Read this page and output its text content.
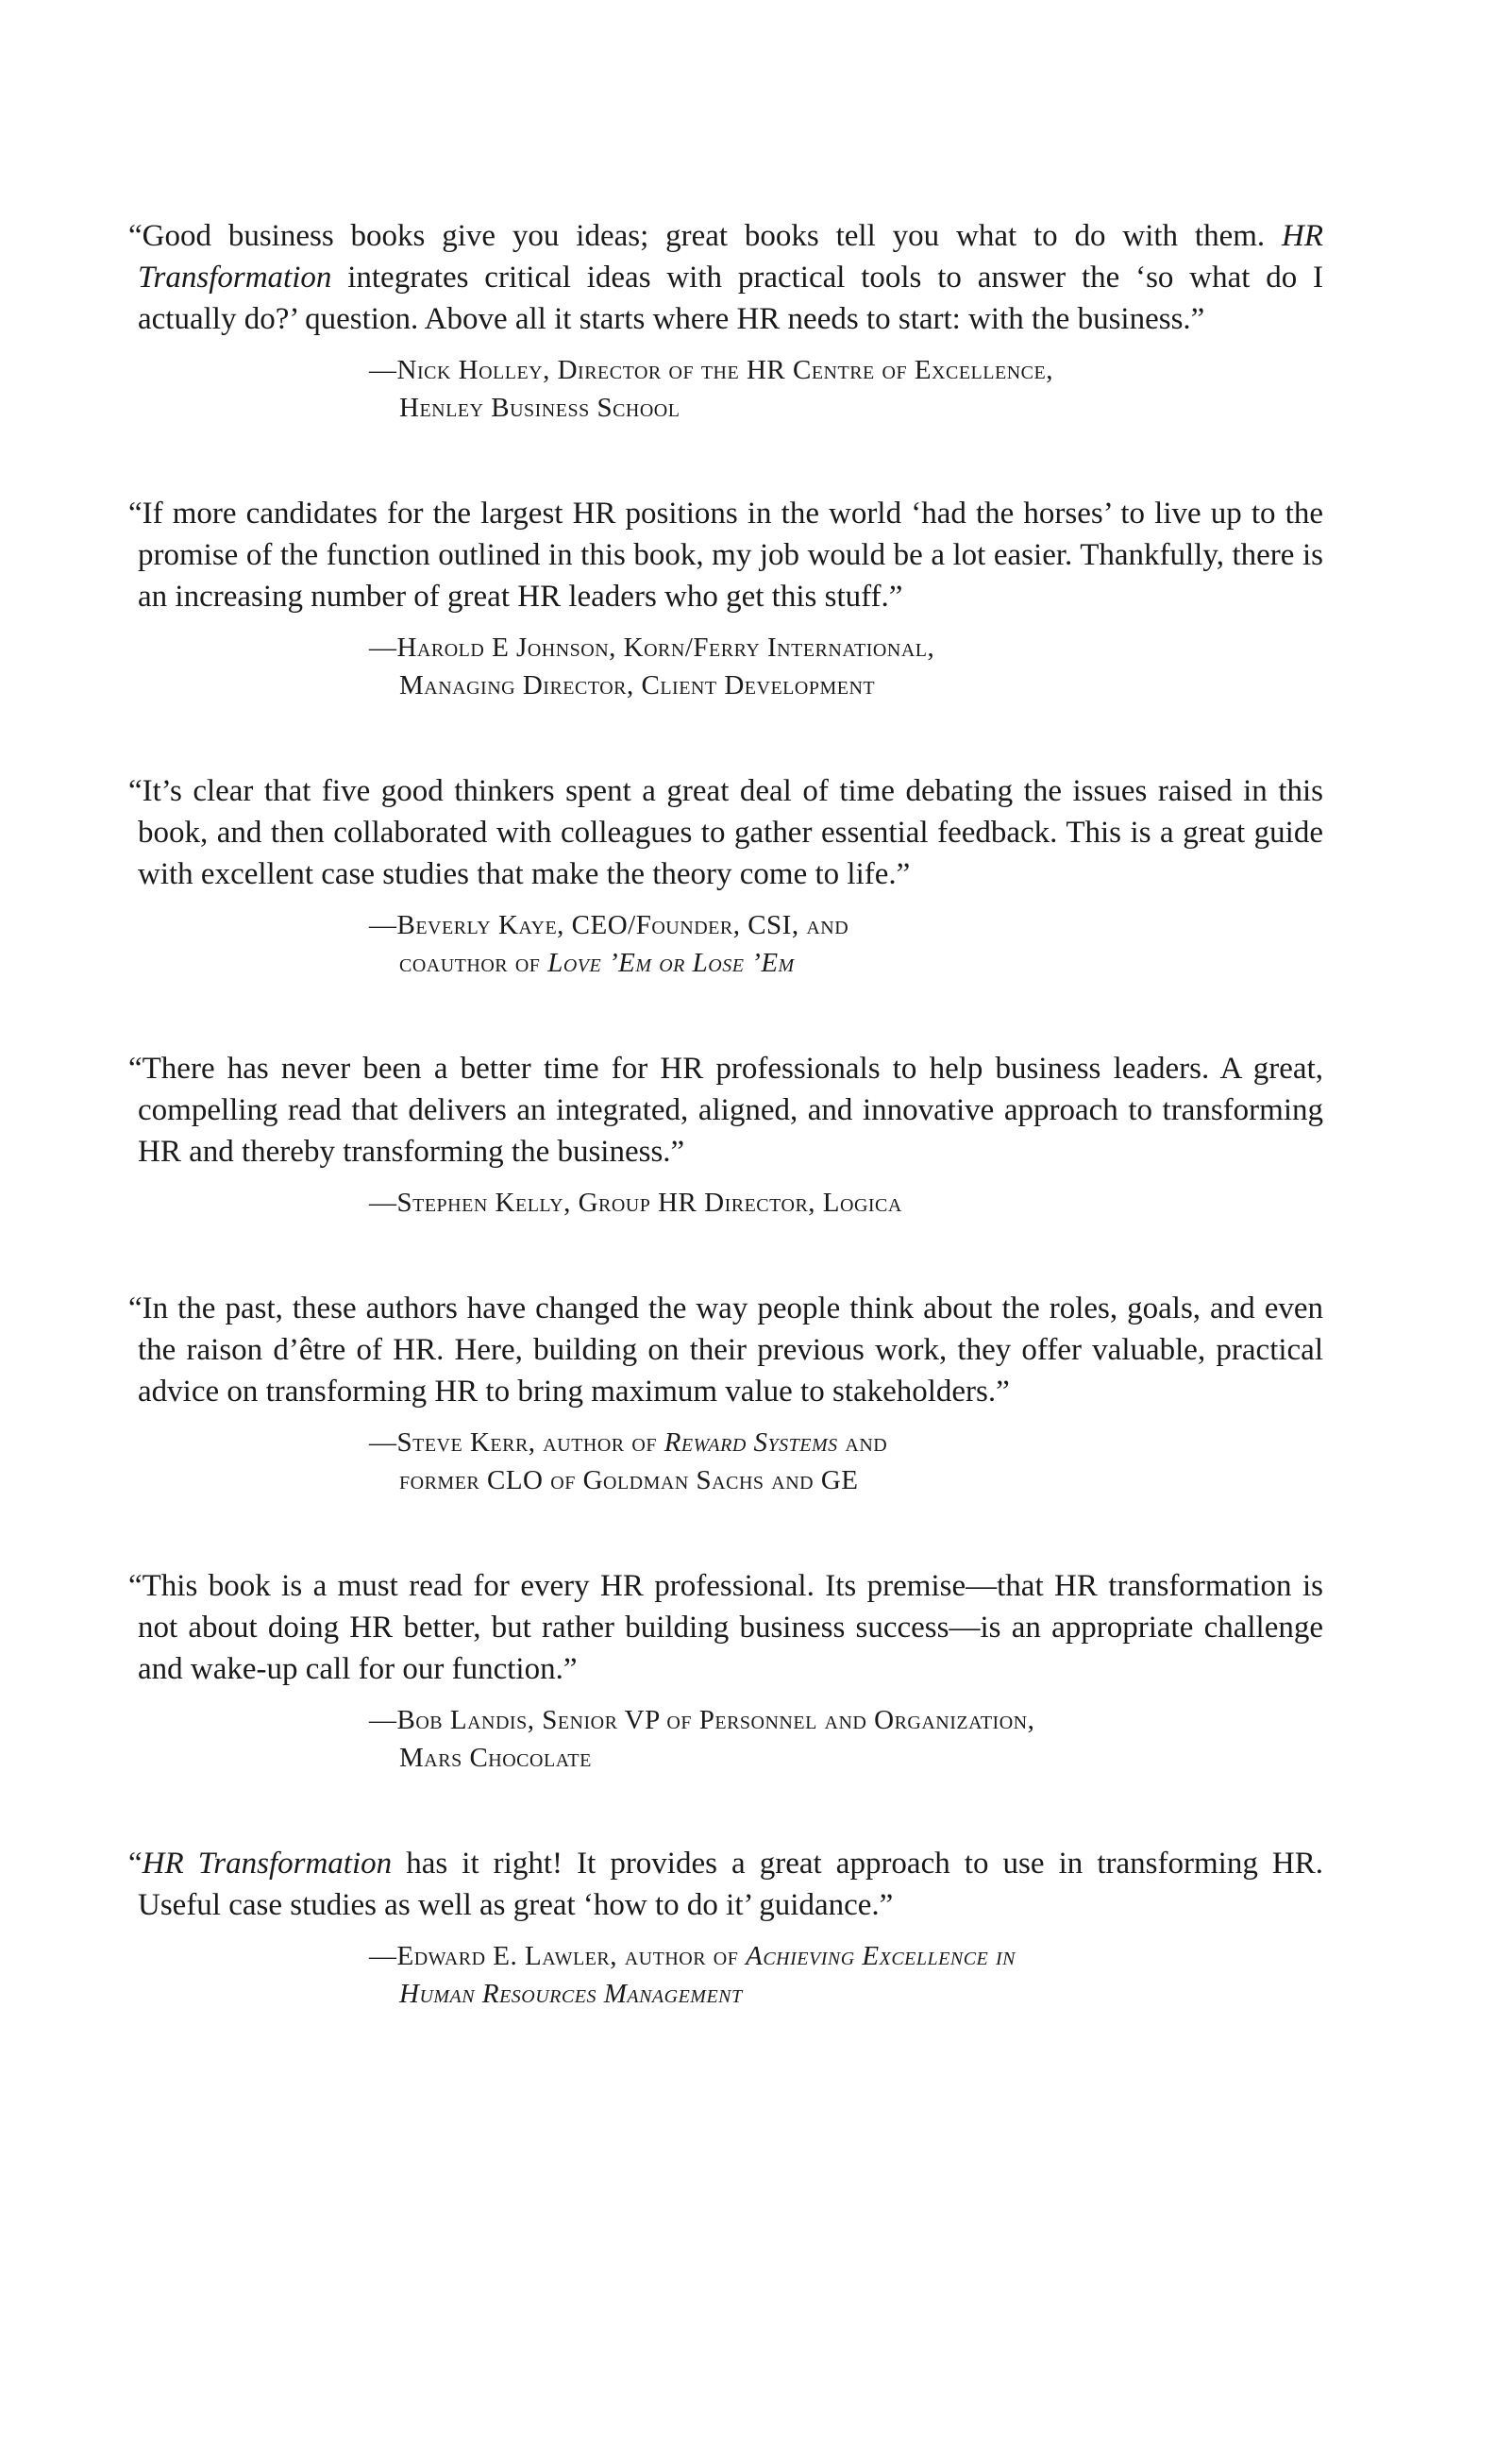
“Good business books give you ideas; great books tell you what to do with them. HR Transformation integrates critical ideas with practical tools to answer the ‘so what do I actually do?’ question. Above all it starts where HR needs to start: with the business.”

—Nick Holley, Director of the HR Centre of Excellence,
Henley Business School

“If more candidates for the largest HR positions in the world ‘had the horses’ to live up to the promise of the function outlined in this book, my job would be a lot easier. Thankfully, there is an increasing number of great HR leaders who get this stuff.”

—Harold E Johnson, Korn/Ferry International,
Managing Director, Client Development

“It’s clear that five good thinkers spent a great deal of time debating the issues raised in this book, and then collaborated with colleagues to gather essential feedback. This is a great guide with excellent case studies that make the theory come to life.”

—Beverly Kaye, CEO/Founder, CSI, and
coauthor of Love ’Em or Lose ’Em

“There has never been a better time for HR professionals to help business leaders. A great, compelling read that delivers an integrated, aligned, and innovative approach to transforming HR and thereby transforming the business.”

—Stephen Kelly, Group HR Director, Logica

“In the past, these authors have changed the way people think about the roles, goals, and even the raison d’être of HR. Here, building on their previous work, they offer valuable, practical advice on transforming HR to bring maximum value to stakeholders.”

—Steve Kerr, author of Reward Systems and
former CLO of Goldman Sachs and GE

“This book is a must read for every HR professional. Its premise—that HR transformation is not about doing HR better, but rather building business success—is an appropriate challenge and wake-up call for our function.”

—Bob Landis, Senior VP of Personnel and Organization,
Mars Chocolate

“HR Transformation has it right! It provides a great approach to use in transforming HR. Useful case studies as well as great ‘how to do it’ guidance.”

—Edward E. Lawler, author of Achieving Excellence in
Human Resources Management
